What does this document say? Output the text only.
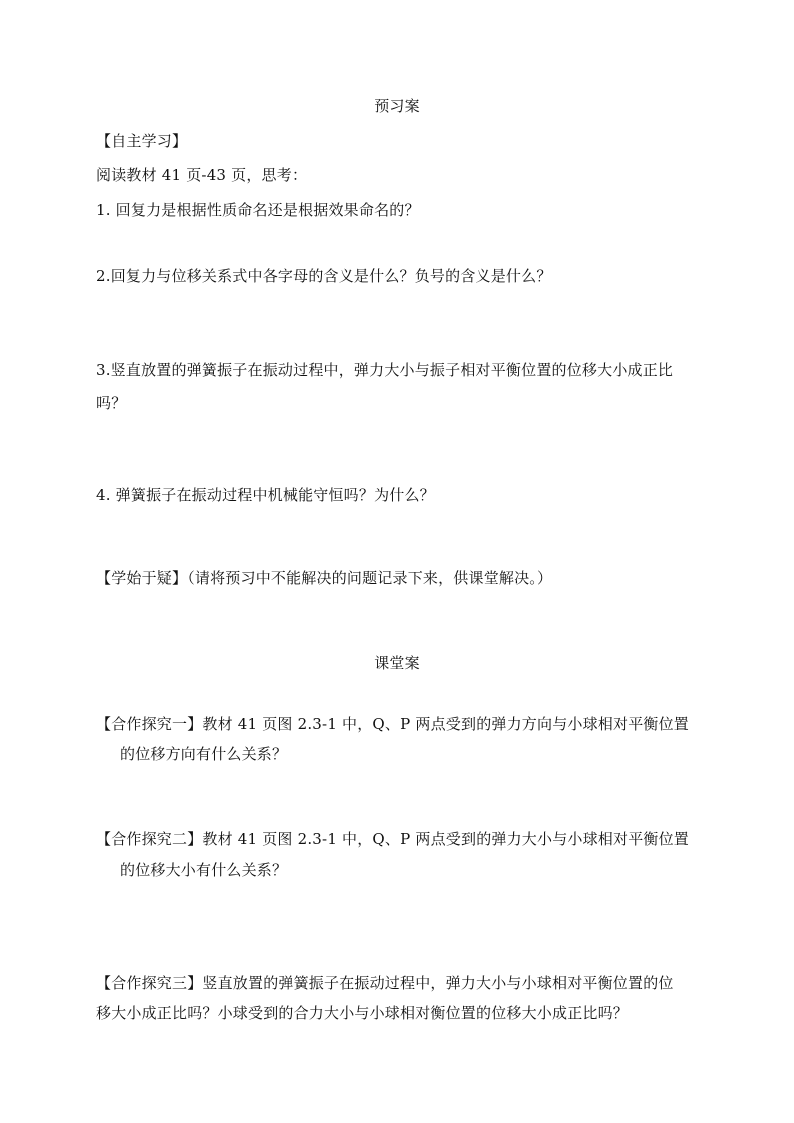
预习案
【自主学习】
阅读教材 41 页-43 页，思考：
1. 回复力是根据性质命名还是根据效果命名的？
2.回复力与位移关系式中各字母的含义是什么？负号的含义是什么？
3.竖直放置的弹簧振子在振动过程中，弹力大小与振子相对平衡位置的位移大小成正比
吗？
4. 弹簧振子在振动过程中机械能守恒吗？为什么？
【学始于疑】（请将预习中不能解决的问题记录下来，供课堂解决。）
课堂案
【合作探究一】教材 41 页图 2.3-1 中，Q、P 两点受到的弹力方向与小球相对平衡位置
的位移方向有什么关系？
【合作探究二】教材 41 页图 2.3-1 中，Q、P 两点受到的弹力大小与小球相对平衡位置
的位移大小有什么关系？
【合作探究三】竖直放置的弹簧振子在振动过程中，弹力大小与小球相对平衡位置的位
移大小成正比吗？小球受到的合力大小与小球相对衡位置的位移大小成正比吗？
